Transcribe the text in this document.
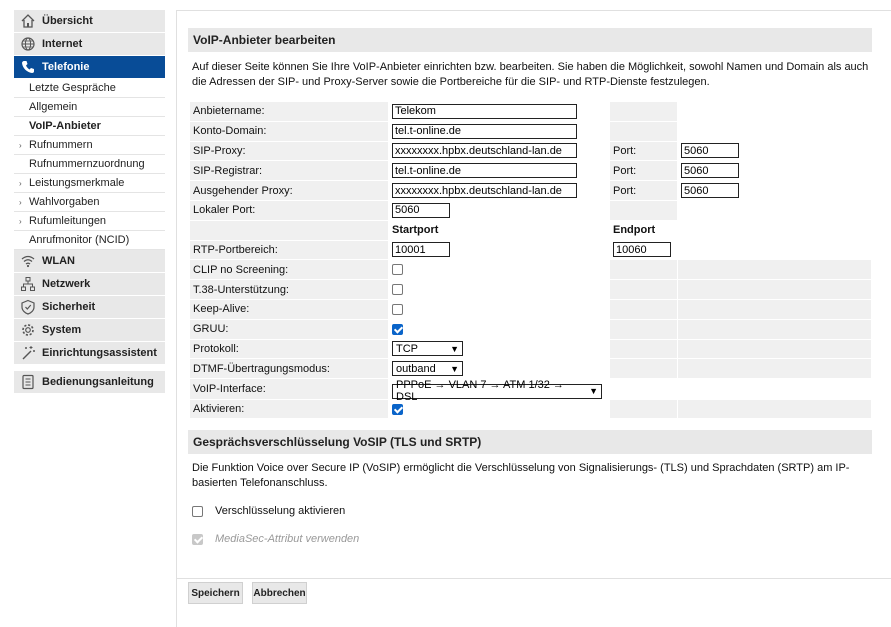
Übersicht
Internet
Telefonie
Letzte Gespräche
Allgemein
VoIP-Anbieter
› Rufnummern
Rufnummernzuordnung
› Leistungsmerkmale
› Wahlvorgaben
› Rufumleitungen
Anrufmonitor (NCID)
WLAN
Netzwerk
Sicherheit
System
Einrichtungsassistent
Bedienungsanleitung
VoIP-Anbieter bearbeiten
Auf dieser Seite können Sie Ihre VoIP-Anbieter einrichten bzw. bearbeiten. Sie haben die Möglichkeit, sowohl Namen und Domain als auch die Adressen der SIP- und Proxy-Server sowie die Portbereiche für die SIP- und RTP-Dienste festzulegen.
Anbietername:	Telekom		
Konto-Domain:	tel.t-online.de		
SIP-Proxy:	xxxxxxxx.hpbx.deutschland-lan.de	Port:	5060
SIP-Registrar:	tel.t-online.de	Port:	5060
Ausgehender Proxy:	xxxxxxxx.hpbx.deutschland-lan.de	Port:	5060
Lokaler Port:	5060		
	Startport	Endport	
RTP-Portbereich:	10001	10060
CLIP no Screening:			
T.38-Unterstützung:			
Keep-Alive:			
GRUU:			
Protokoll:	TCP ▼		

DTMF-Übertragungsmodus:	outband ▼		

VoIP-Interface:	PPPoE → VLAN 7 → ATM 1/32 → DSL ▼		

Aktivieren:			
Gesprächsverschlüsselung VoSIP (TLS und SRTP)
Die Funktion Voice over Secure IP (VoSIP) ermöglicht die Verschlüsselung von Signalisierungs- (TLS) und Sprachdaten (SRTP) am IP-basierten Telefonanschluss.
Verschlüsselung aktivieren
MediaSec-Attribut verwenden
Speichern	Abbrechen
